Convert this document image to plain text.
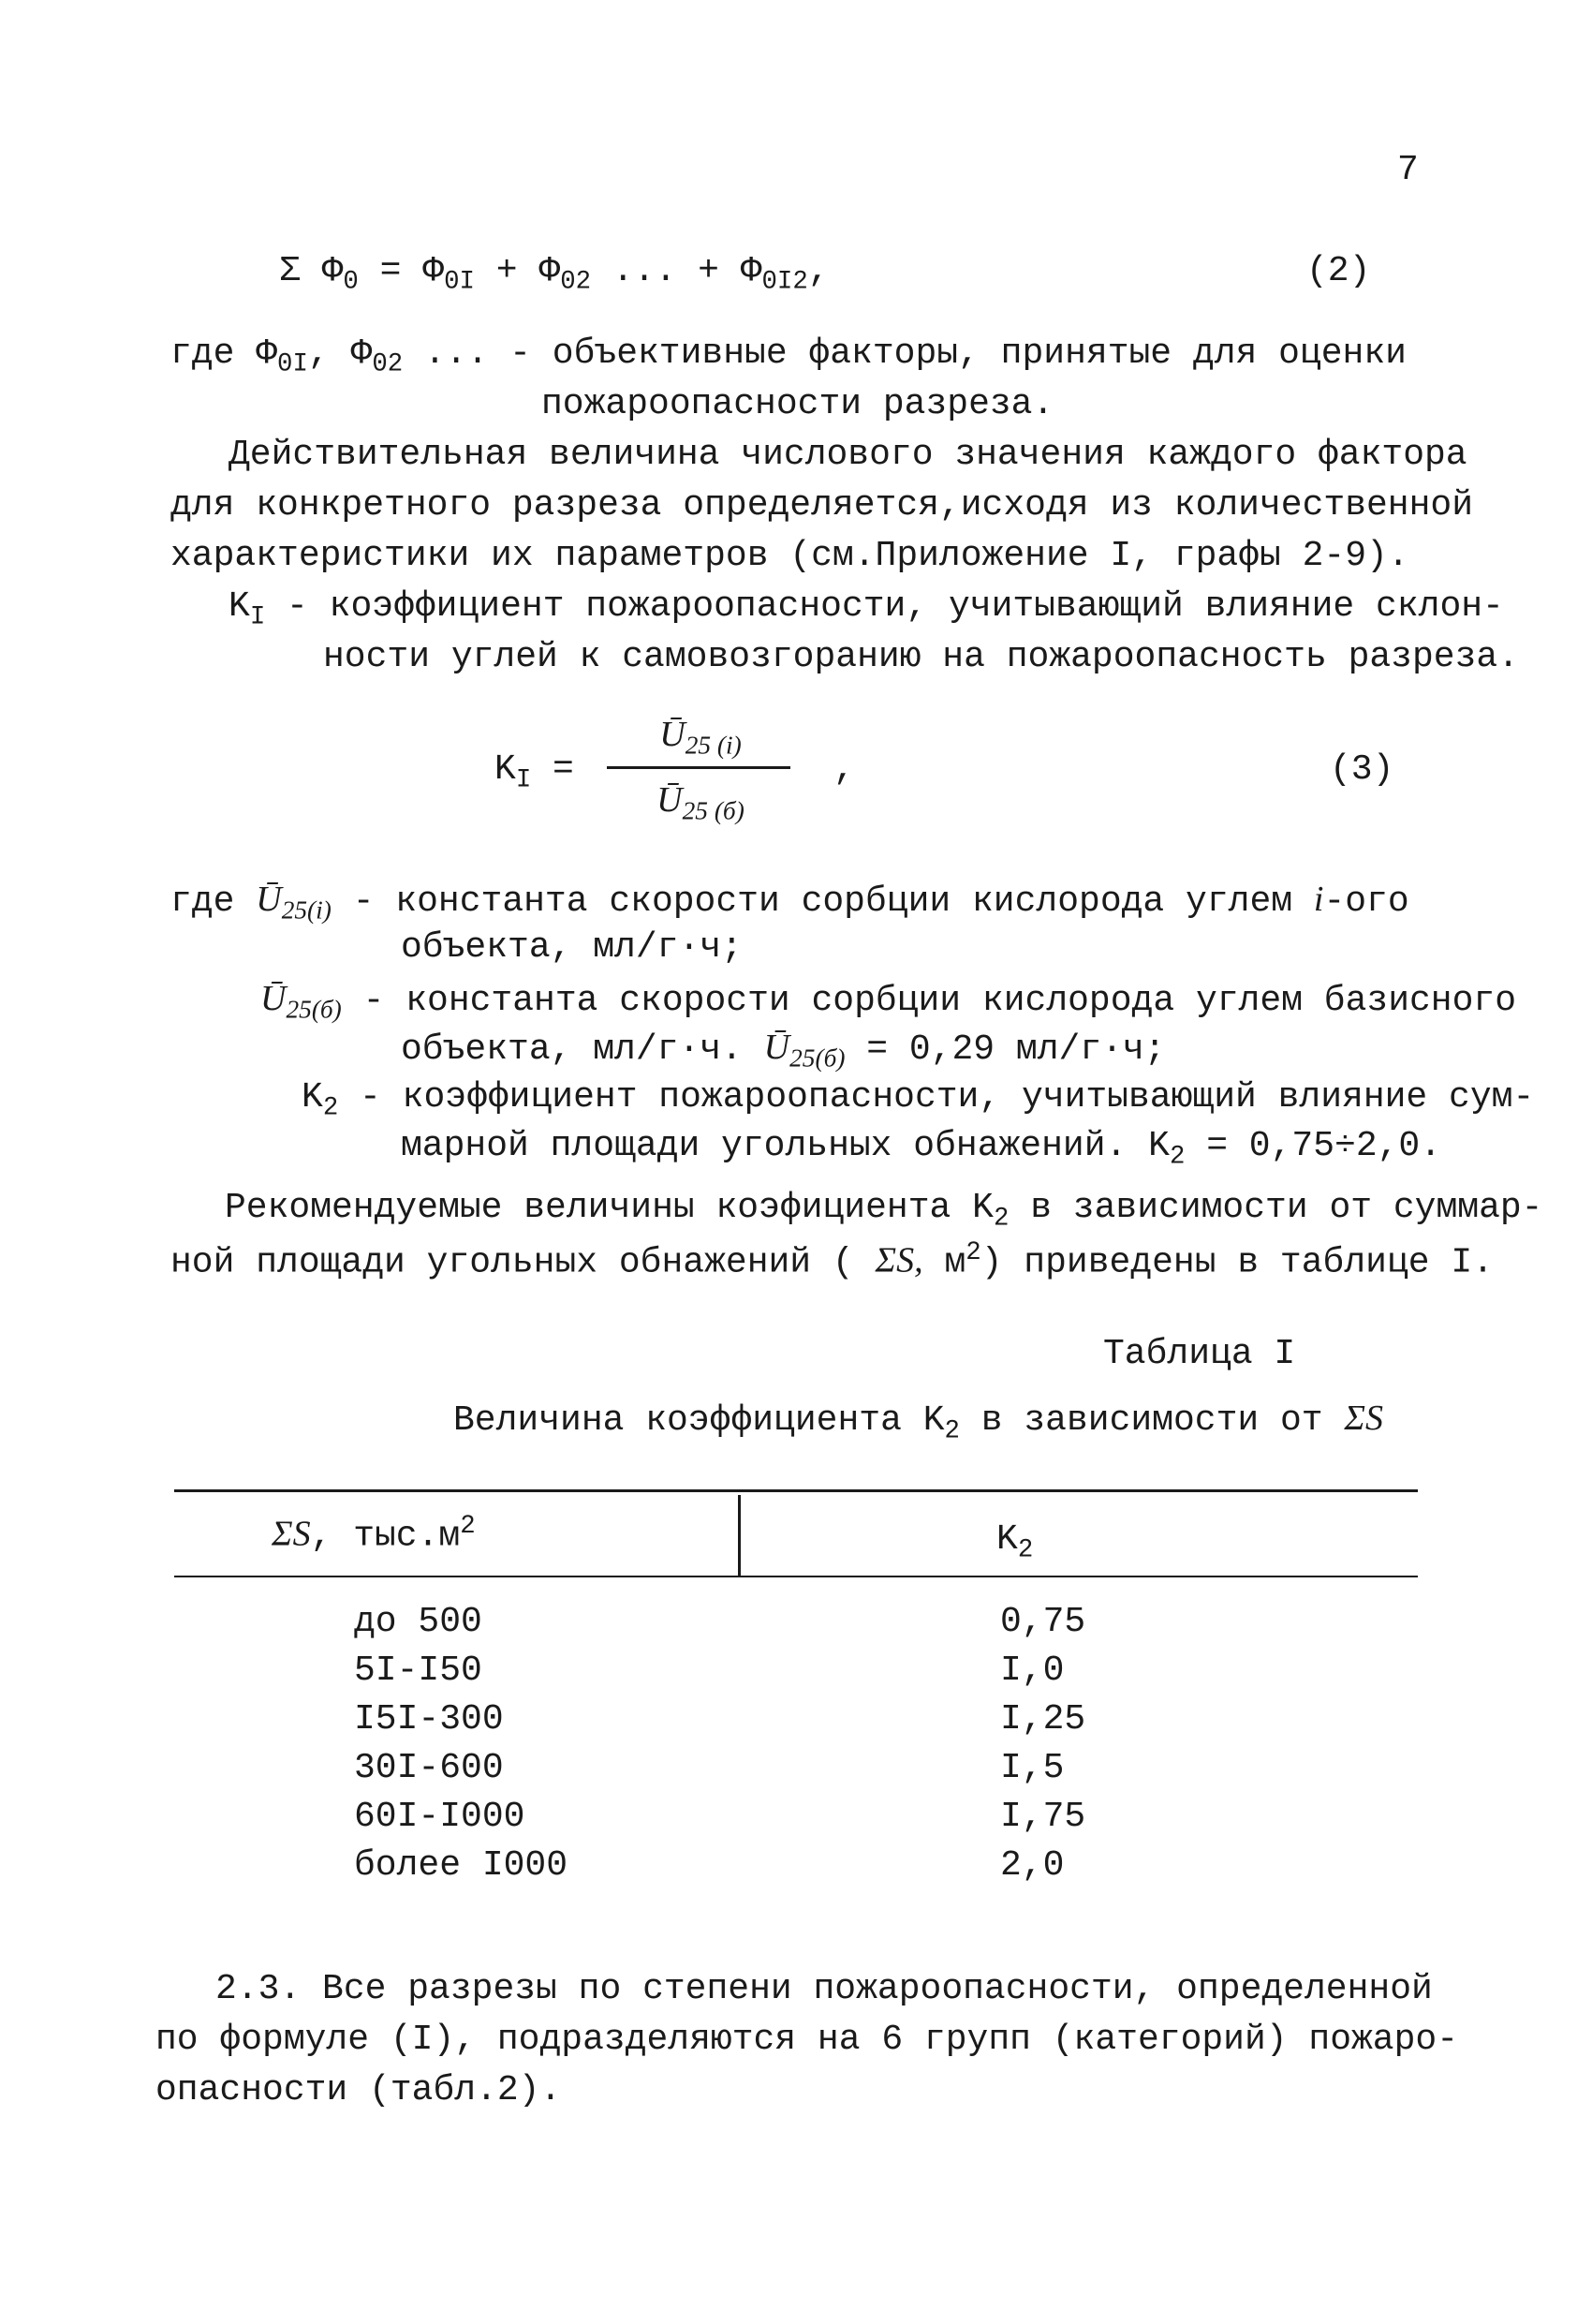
7
Σ $\Phi_0 = \Phi_{0I} + \Phi_{02}$ ... + $\Phi_{0I2}$,	(2)
где $\Phi_{0I}$, $\Phi_{02}$ ... - объективные факторы, принятые для оценки
пожароопасности разреза.
Действительная величина числового значения каждого фактора
для конкретного разреза определяется,исходя из количественной
характеристики их параметров (см.Приложение I, графы 2-9).
$K_I$ - коэффициент пожароопасности, учитывающий влияние склон-
ности углей к самовозгоранию на пожароопасность разреза.
$K_I$ =
$Ū_{25 (i)}$
$Ū_{25 (б)}$
,	(3)
где $Ū_{25(i)}$ - константа скорости сорбции кислорода углем i-ого
объекта, мл/г·ч;
$Ū_{25(б)}$ - константа скорости сорбции кислорода углем базисного
объекта, мл/г·ч. $Ū_{25(б)} = 0,29$ мл/г·ч;
$K_2$ - коэффициент пожароопасности, учитывающий влияние сум-
марной площади угольных обнажений. $K_2 = 0,75\div 2,0$.
Рекомендуемые величины коэфициента $K_2$ в зависимости от суммар-
ной площади угольных обнажений ( ΣS, $м^2$) приведены в таблице I.
Таблица I
Величина коэффициента $K_2$ в зависимости от ΣS
ΣS, $тыс.м^2$	$K_2$
до 500	0,75
5I-I50	I,0
I5I-300	I,25
30I-600	I,5
60I-I000	I,75
более I000	2,0
2.3. Все разрезы по степени пожароопасности, определенной
по формуле (I), подразделяются на 6 групп (категорий) пожаро-
опасности (табл.2).
